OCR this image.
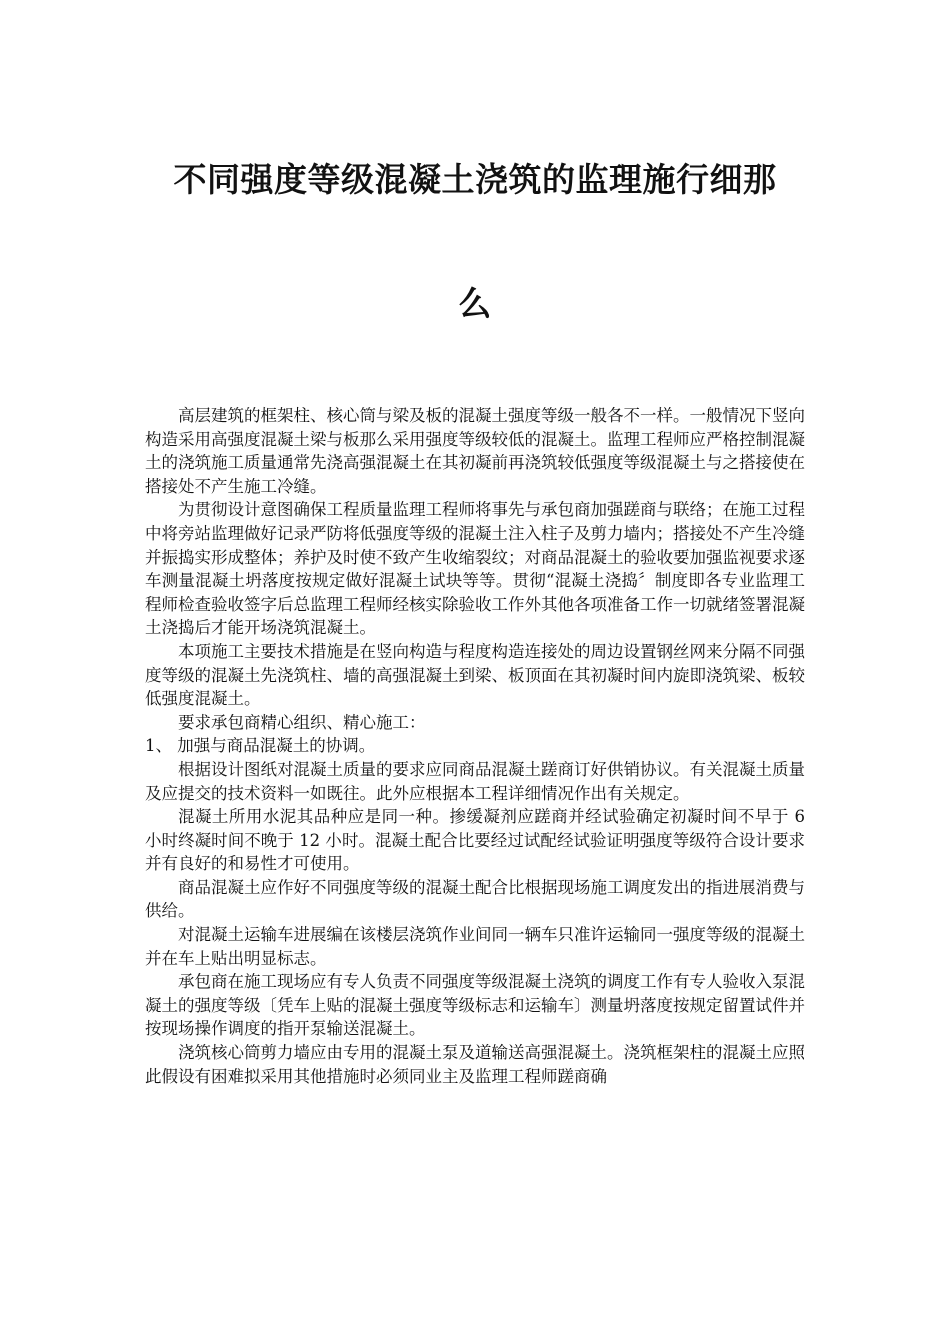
不同强度等级混凝土浇筑的监理施行细那
么

高层建筑的框架柱、核心筒与梁及板的混凝土强度等级一般各不一样。一般情况下竖向构造采用高强度混凝土梁与板那么采用强度等级较低的混凝土。监理工程师应严格控制混凝土的浇筑施工质量通常先浇高强混凝土在其初凝前再浇筑较低强度等级混凝土与之搭接使在搭接处不产生施工冷缝。

为贯彻设计意图确保工程质量监理工程师将事先与承包商加强蹉商与联络；在施工过程中将旁站监理做好记录严防将低强度等级的混凝土注入柱子及剪力墙内；搭接处不产生冷缝并振捣实形成整体；养护及时使不致产生收缩裂纹；对商品混凝土的验收要加强监视要求逐车测量混凝土坍落度按规定做好混凝土试块等等。贯彻“混凝土浇捣〞制度即各专业监理工程师检查验收签字后总监理工程师经核实除验收工作外其他各项准备工作一切就绪签署混凝土浇捣后才能开场浇筑混凝土。

本项施工主要技术措施是在竖向构造与程度构造连接处的周边设置钢丝网来分隔不同强度等级的混凝土先浇筑柱、墙的高强混凝土到梁、板顶面在其初凝时间内旋即浇筑梁、板较低强度混凝土。

要求承包商精心组织、精心施工：

1、 加强与商品混凝土的协调。

根据设计图纸对混凝土质量的要求应同商品混凝土蹉商订好供销协议。有关混凝土质量及应提交的技术资料一如既往。此外应根据本工程详细情况作出有关规定。

混凝土所用水泥其品种应是同一种。掺缓凝剂应蹉商并经试验确定初凝时间不早于 6 小时终凝时间不晚于 12 小时。混凝土配合比要经过试配经试验证明强度等级符合设计要求并有良好的和易性才可使用。

商品混凝土应作好不同强度等级的混凝土配合比根据现场施工调度发出的指进展消费与供给。

对混凝土运输车进展编在该楼层浇筑作业间同一辆车只准许运输同一强度等级的混凝土并在车上贴出明显标志。

承包商在施工现场应有专人负责不同强度等级混凝土浇筑的调度工作有专人验收入泵混凝土的强度等级〔凭车上贴的混凝土强度等级标志和运输车〕测量坍落度按规定留置试件并按现场操作调度的指开泵输送混凝土。

浇筑核心筒剪力墙应由专用的混凝土泵及道输送高强混凝土。浇筑框架柱的混凝土应照此假设有困难拟采用其他措施时必须同业主及监理工程师蹉商确
